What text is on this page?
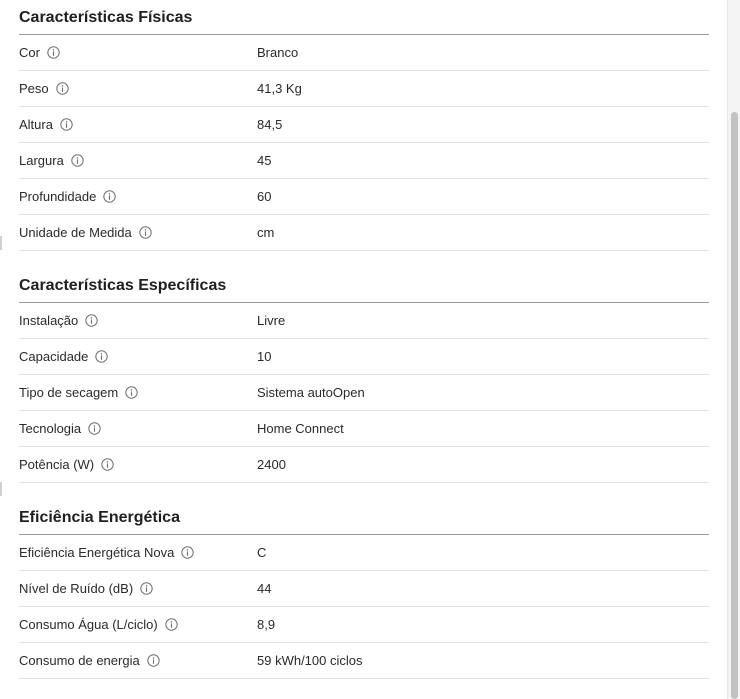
Características Físicas
Cor	Branco
Peso	41,3 Kg
Altura	84,5
Largura	45
Profundidade	60
Unidade de Medida	cm
Características Específicas
Instalação	Livre
Capacidade	10
Tipo de secagem	Sistema autoOpen
Tecnologia	Home Connect
Potência (W)	2400
Eficiência Energética
Eficiência Energética Nova	C
Nível de Ruído (dB)	44
Consumo Água (L/ciclo)	8,9
Consumo de energia	59 kWh/100 ciclos
